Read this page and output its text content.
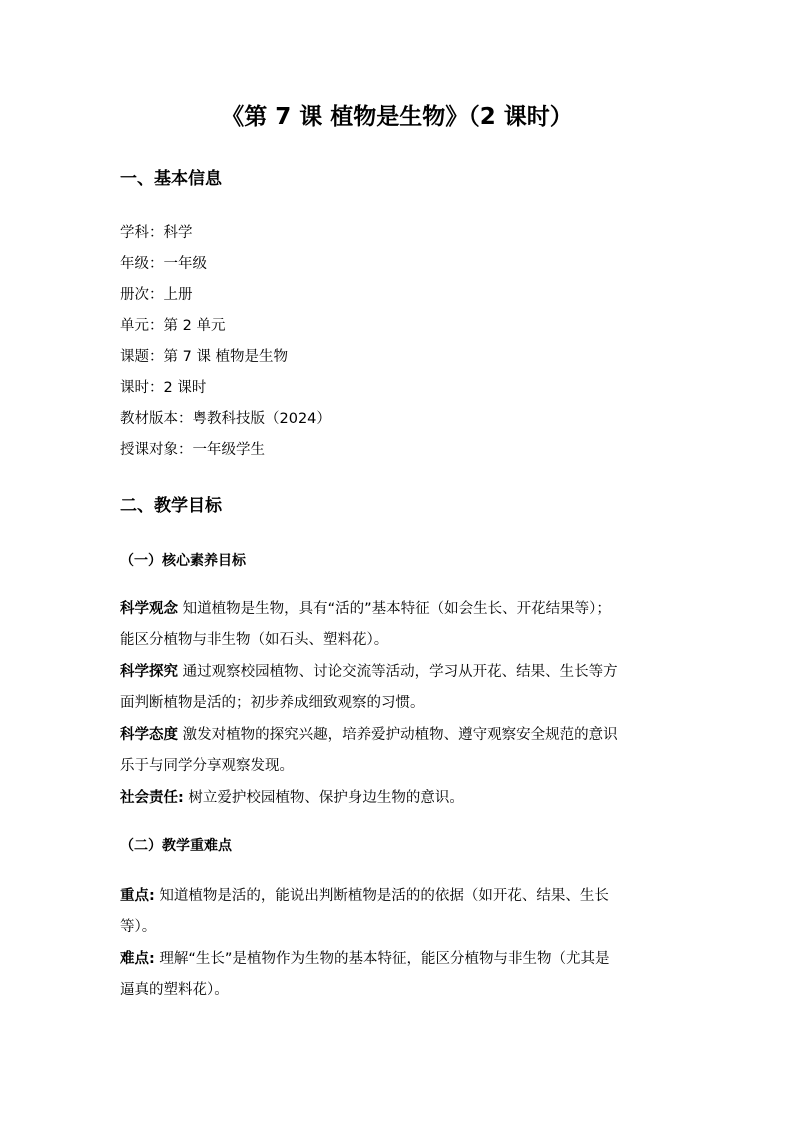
《第 7 课 植物是生物》（2 课时）
一、基本信息
学科：科学
年级：一年级
册次：上册
单元：第 2 单元
课题：第 7 课 植物是生物
课时：2 课时
教材版本：粤教科技版（2024）
授课对象：一年级学生
二、教学目标
（一）核心素养目标
科学观念 知道植物是生物，具有“活的”基本特征（如会生长、开花结果等）；
能区分植物与非生物（如石头、塑料花）。
科学探究 通过观察校园植物、讨论交流等活动，学习从开花、结果、生长等方
面判断植物是活的；初步养成细致观察的习惯。
科学态度 激发对植物的探究兴趣，培养爱护动植物、遵守观察安全规范的意识
乐于与同学分享观察发现。
社会责任: 树立爱护校园植物、保护身边生物的意识。
（二）教学重难点
重点: 知道植物是活的，能说出判断植物是活的的依据（如开花、结果、生长
等）。
难点: 理解“生长”是植物作为生物的基本特征，能区分植物与非生物（尤其是
逼真的塑料花）。
